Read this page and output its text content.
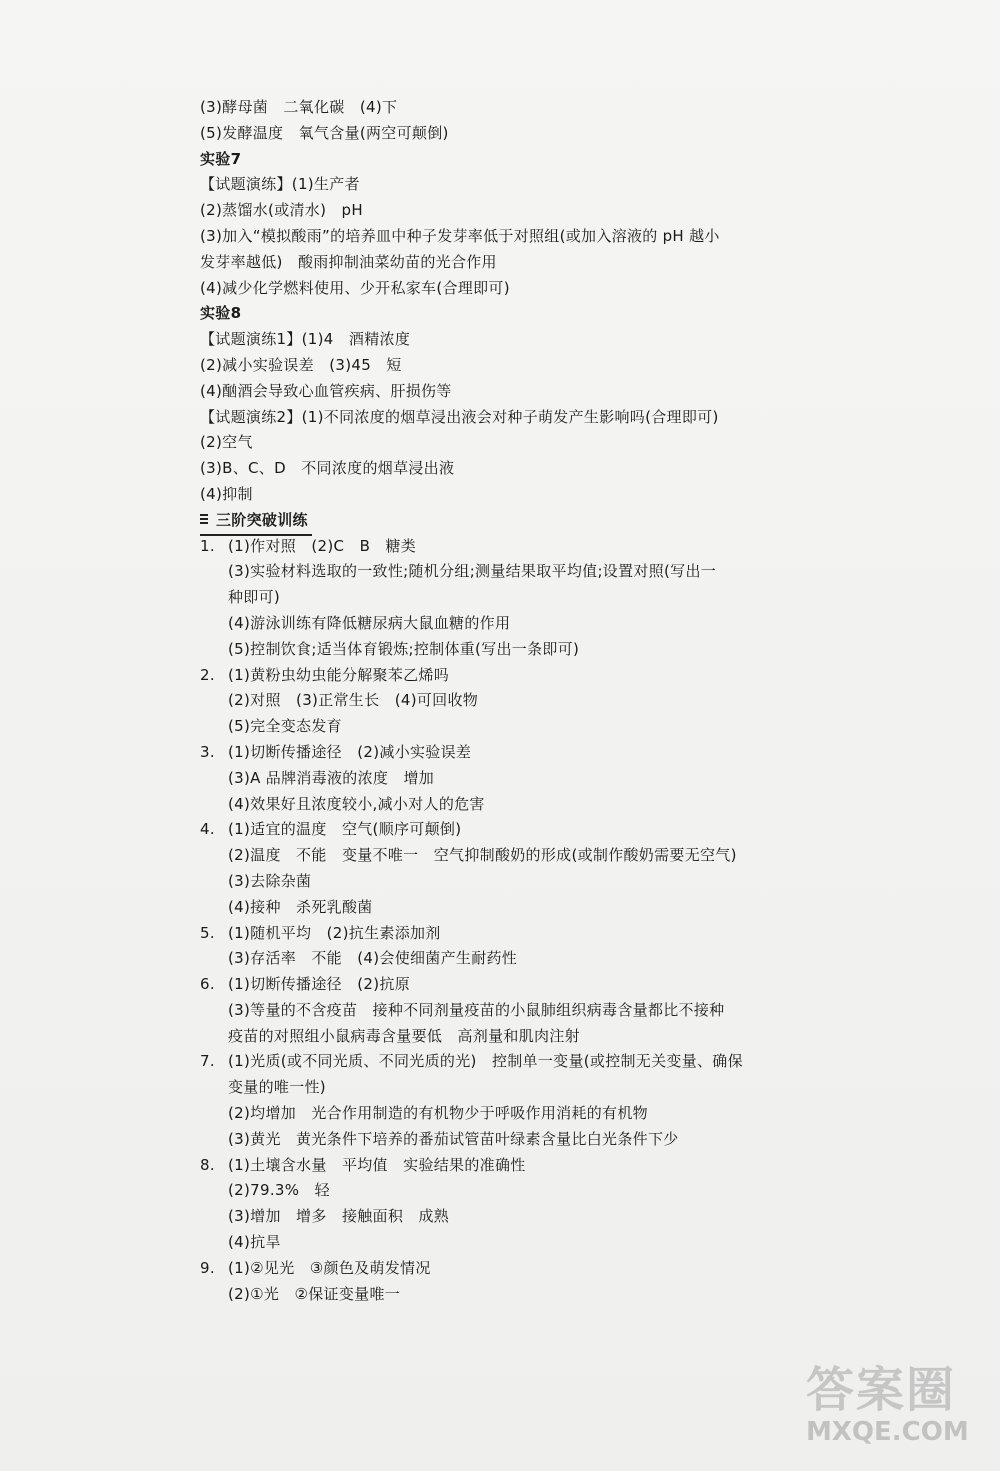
(3)酵母菌　二氧化碳　(4)下
(5)发酵温度　氧气含量(两空可颠倒)
实验7
【试题演练】(1)生产者
(2)蒸馏水(或清水)　pH
(3)加入“模拟酸雨”的培养皿中种子发芽率低于对照组(或加入溶液的 pH 越小
发芽率越低)　酸雨抑制油菜幼苗的光合作用
(4)减少化学燃料使用、少开私家车(合理即可)
实验8
【试题演练1】(1)4　酒精浓度
(2)减小实验误差　(3)45　短
(4)酗酒会导致心血管疾病、肝损伤等
【试题演练2】(1)不同浓度的烟草浸出液会对种子萌发产生影响吗(合理即可)
(2)空气
(3)B、C、D　不同浓度的烟草浸出液
(4)抑制
三阶突破训练
1. (1)作对照　(2)C　B　糖类
(3)实验材料选取的一致性;随机分组;测量结果取平均值;设置对照(写出一
种即可)
(4)游泳训练有降低糖尿病大鼠血糖的作用
(5)控制饮食;适当体育锻炼;控制体重(写出一条即可)
2. (1)黄粉虫幼虫能分解聚苯乙烯吗
(2)对照　(3)正常生长　(4)可回收物
(5)完全变态发育
3. (1)切断传播途径　(2)减小实验误差
(3)A 品牌消毒液的浓度　增加
(4)效果好且浓度较小,减小对人的危害
4. (1)适宜的温度　空气(顺序可颠倒)
(2)温度　不能　变量不唯一　空气抑制酸奶的形成(或制作酸奶需要无空气)
(3)去除杂菌
(4)接种　杀死乳酸菌
5. (1)随机平均　(2)抗生素添加剂
(3)存活率　不能　(4)会使细菌产生耐药性
6. (1)切断传播途径　(2)抗原
(3)等量的不含疫苗　接种不同剂量疫苗的小鼠肺组织病毒含量都比不接种
疫苗的对照组小鼠病毒含量要低　高剂量和肌肉注射
7. (1)光质(或不同光质、不同光质的光)　控制单一变量(或控制无关变量、确保
变量的唯一性)
(2)均增加　光合作用制造的有机物少于呼吸作用消耗的有机物
(3)黄光　黄光条件下培养的番茄试管苗叶绿素含量比白光条件下少
8. (1)土壤含水量　平均值　实验结果的准确性
(2)79.3%　轻
(3)增加　增多　接触面积　成熟
(4)抗旱
9. (1)②见光　③颜色及萌发情况
(2)①光　②保证变量唯一
答案圈
MXQE.COM
